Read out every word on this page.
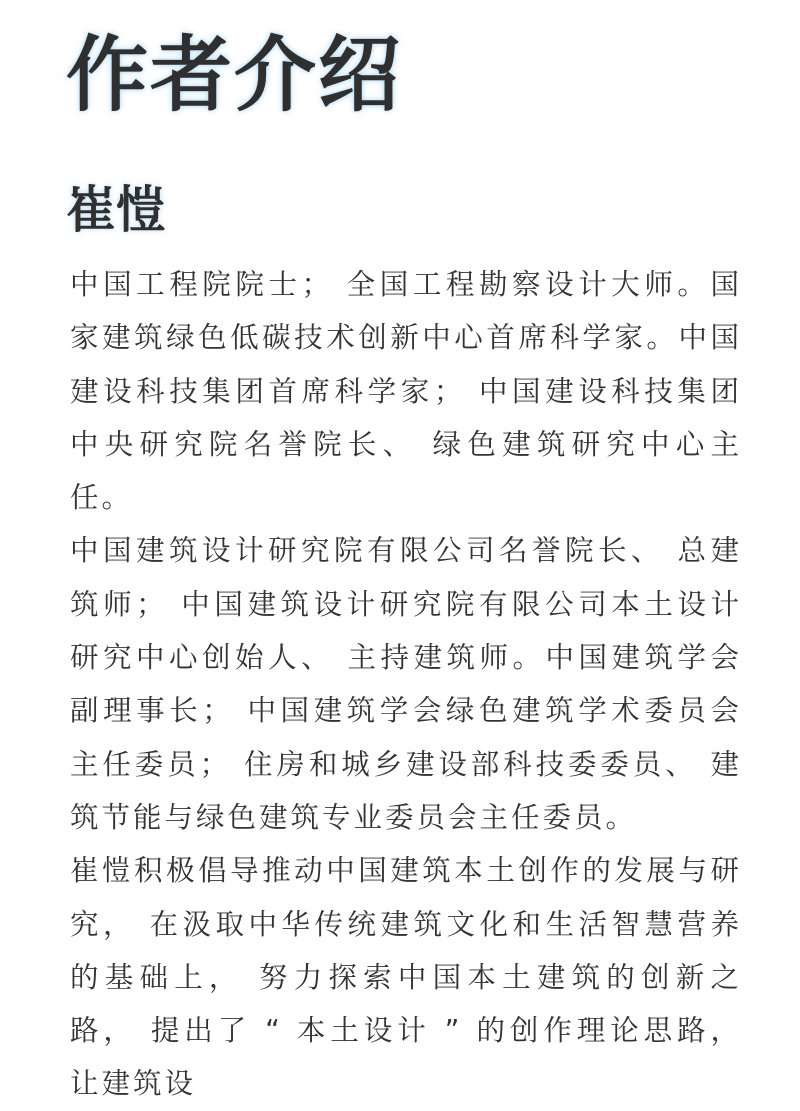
作者介绍
崔愷

中国工程院院士； 全国工程勘察设计大师。国家建筑绿色低碳技术创新中心首席科学家。中国建设科技集团首席科学家； 中国建设科技集团中央研究院名誉院长、 绿色建筑研究中心主任。

中国建筑设计研究院有限公司名誉院长、 总建筑师； 中国建筑设计研究院有限公司本土设计研究中心创始人、 主持建筑师。中国建筑学会副理事长； 中国建筑学会绿色建筑学术委员会主任委员； 住房和城乡建设部科技委委员、 建筑节能与绿色建筑专业委员会主任委员。

崔愷积极倡导推动中国建筑本土创作的发展与研究， 在汲取中华传统建筑文化和生活智慧营养的基础上， 努力探索中国本土建筑的创新之路， 提出了 “ 本土设计 ” 的创作理论思路， 让建筑设
